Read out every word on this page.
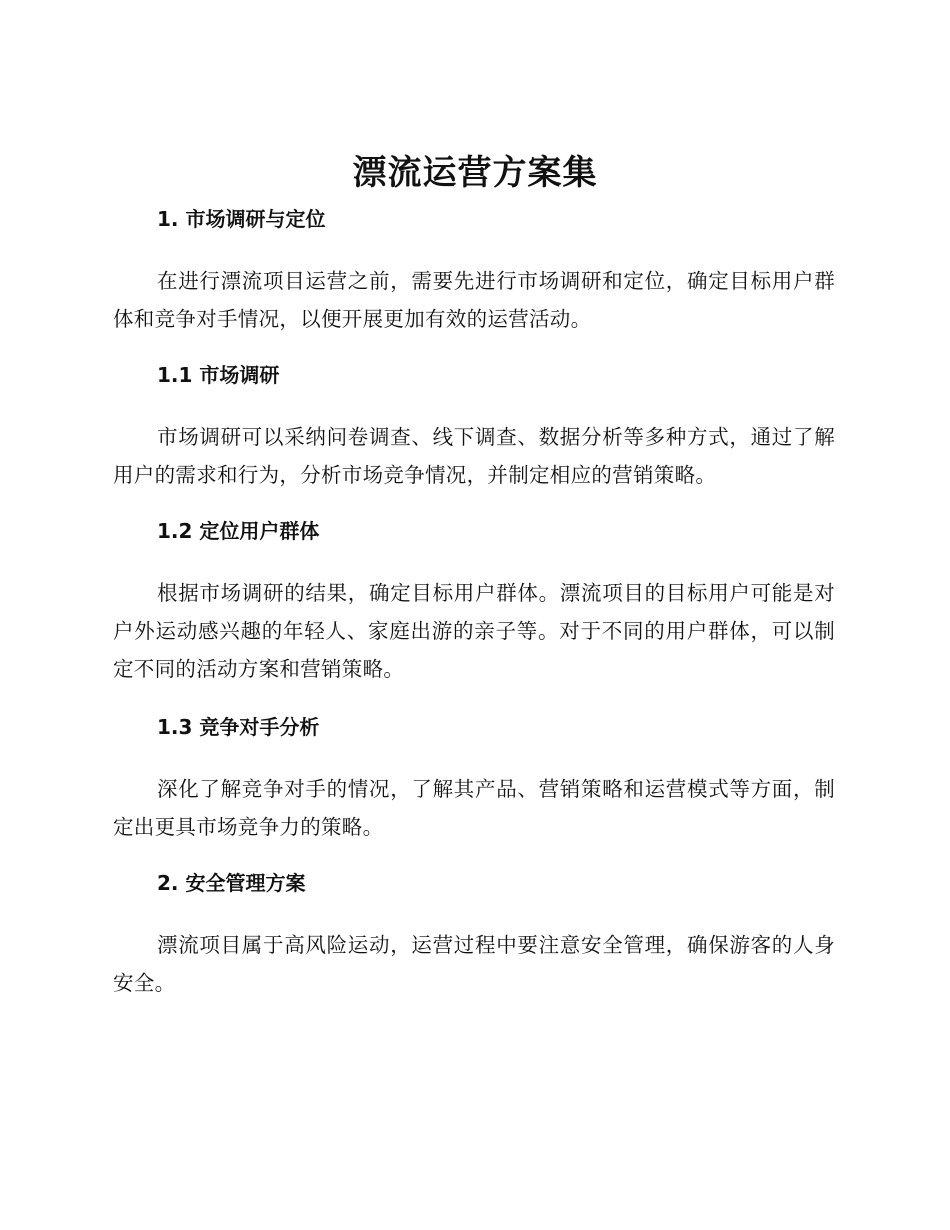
漂流运营方案集
1. 市场调研与定位

在进行漂流项目运营之前，需要先进行市场调研和定位，确定目标用户群体和竞争对手情况，以便开展更加有效的运营活动。

1.1 市场调研

市场调研可以采纳问卷调查、线下调查、数据分析等多种方式，通过了解用户的需求和行为，分析市场竞争情况，并制定相应的营销策略。

1.2 定位用户群体

根据市场调研的结果，确定目标用户群体。漂流项目的目标用户可能是对户外运动感兴趣的年轻人、家庭出游的亲子等。对于不同的用户群体，可以制定不同的活动方案和营销策略。

1.3 竞争对手分析

深化了解竞争对手的情况，了解其产品、营销策略和运营模式等方面，制定出更具市场竞争力的策略。

2. 安全管理方案

漂流项目属于高风险运动，运营过程中要注意安全管理，确保游客的人身安全。
